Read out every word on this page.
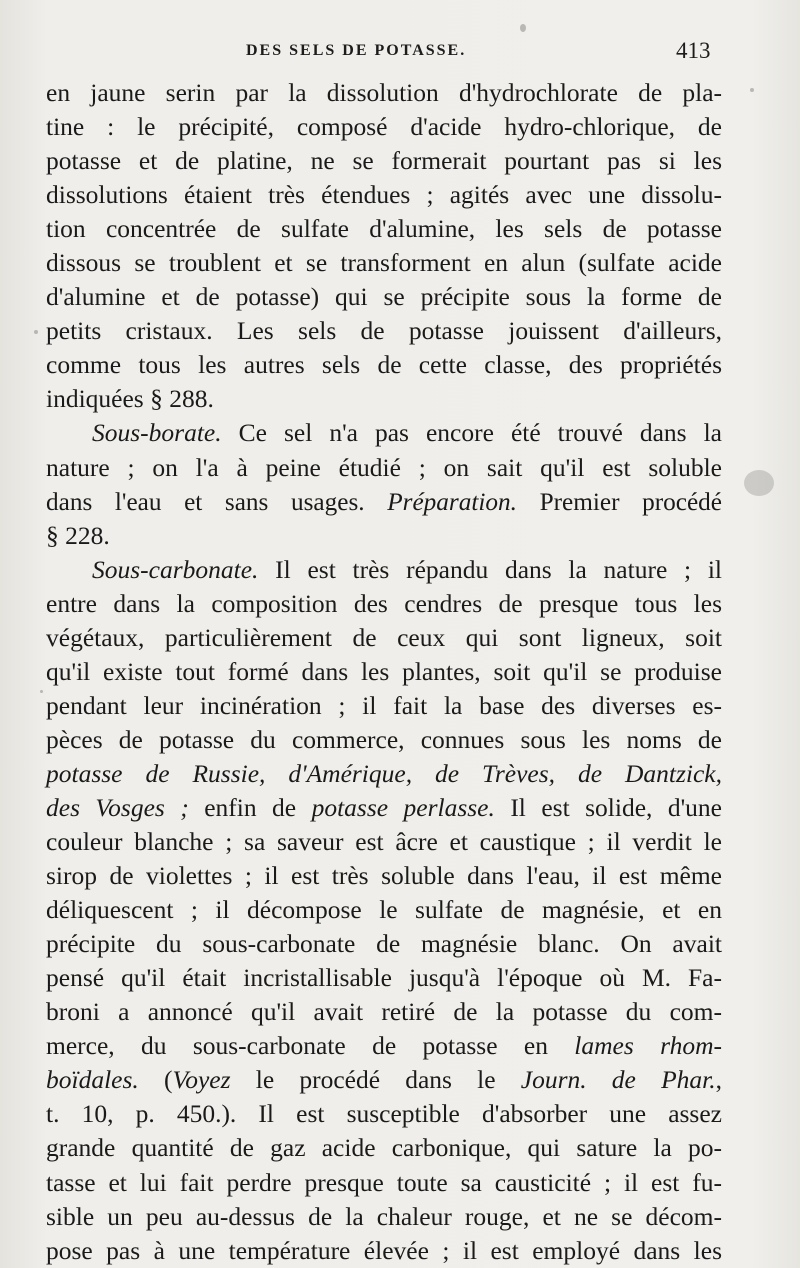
DES SELS DE POTASSE.	413
en jaune serin par la dissolution d'hydrochlorate de pla-
tine : le précipité, composé d'acide hydro-chlorique, de
potasse et de platine, ne se formerait pourtant pas si les
dissolutions étaient très étendues ; agités avec une dissolu-
tion concentrée de sulfate d'alumine, les sels de potasse
dissous se troublent et se transforment en alun (sulfate acide
d'alumine et de potasse) qui se précipite sous la forme de
petits cristaux. Les sels de potasse jouissent d'ailleurs,
comme tous les autres sels de cette classe, des propriétés
indiquées § 288.
Sous-borate. Ce sel n'a pas encore été trouvé dans la
nature ; on l'a à peine étudié ; on sait qu'il est soluble
dans l'eau et sans usages. Préparation. Premier procédé
§ 228.
Sous-carbonate. Il est très répandu dans la nature ; il
entre dans la composition des cendres de presque tous les
végétaux, particulièrement de ceux qui sont ligneux, soit
qu'il existe tout formé dans les plantes, soit qu'il se produise
pendant leur incinération ; il fait la base des diverses es-
pèces de potasse du commerce, connues sous les noms de
potasse de Russie, d'Amérique, de Trèves, de Dantzick,
des Vosges ; enfin de potasse perlasse. Il est solide, d'une
couleur blanche ; sa saveur est âcre et caustique ; il verdit le
sirop de violettes ; il est très soluble dans l'eau, il est même
déliquescent ; il décompose le sulfate de magnésie, et en
précipite du sous-carbonate de magnésie blanc. On avait
pensé qu'il était incristallisable jusqu'à l'époque où M. Fa-
broni a annoncé qu'il avait retiré de la potasse du com-
merce, du sous-carbonate de potasse en lames rhom-
boïdales. (Voyez le procédé dans le Journ. de Phar.,
t. 10, p. 450.). Il est susceptible d'absorber une assez
grande quantité de gaz acide carbonique, qui sature la po-
tasse et lui fait perdre presque toute sa causticité ; il est fu-
sible un peu au-dessus de la chaleur rouge, et ne se décom-
pose pas à une température élevée ; il est employé dans les
